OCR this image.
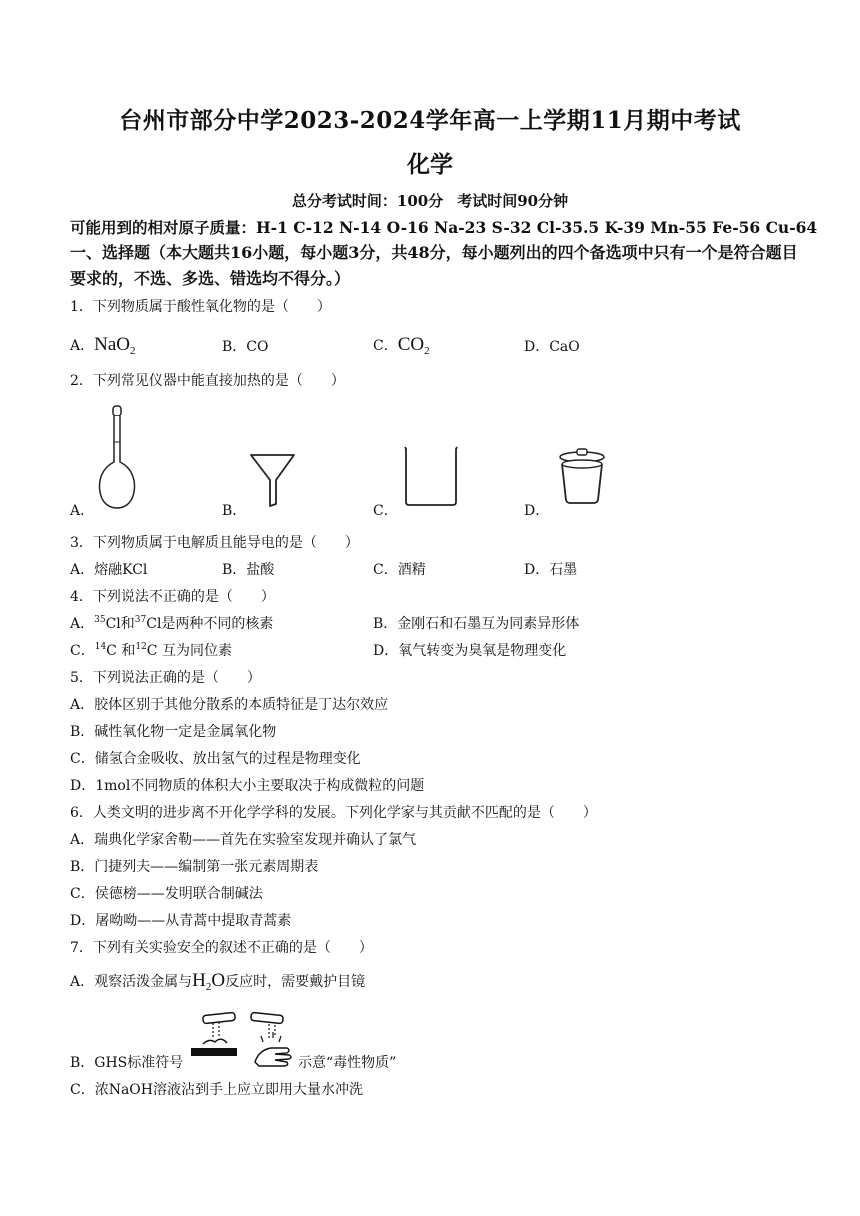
台州市部分中学2023-2024学年高一上学期11月期中考试
化学
总分考试时间：100分 考试时间90分钟
可能用到的相对原子质量：H-1 C-12 N-14 O-16 Na-23 S-32 Cl-35.5 K-39 Mn-55 Fe-56 Cu-64
一、选择题（本大题共16小题，每小题3分，共48分，每小题列出的四个备选项中只有一个是符合题目要求的，不选、多选、错选均不得分。）
1．下列物质属于酸性氧化物的是（　　）
A．NaO$_2$	B．CO	C．$CO_2$	D．CaO
2．下列常见仪器中能直接加热的是（　　）
A．	B．	C．	D．
3．下列物质属于电解质且能导电的是（　　）
A．熔融KCl	B．盐酸	C．酒精	D．石墨
4．下列说法不正确的是（　　）
A．$^{35}$Cl和$^{37}$Cl是两种不同的核素	B．金刚石和石墨互为同素异形体
C．$^{14}$C 和$^{12}$C 互为同位素	D．氧气转变为臭氧是物理变化
5．下列说法正确的是（　　）
A．胶体区别于其他分散系的本质特征是丁达尔效应
B．碱性氧化物一定是金属氧化物
C．储氢合金吸收、放出氢气的过程是物理变化
D．1mol不同物质的体积大小主要取决于构成微粒的问题
6．人类文明的进步离不开化学学科的发展。下列化学家与其贡献不匹配的是（　　）
A．瑞典化学家舍勒——首先在实验室发现并确认了氯气
B．门捷列夫——编制第一张元素周期表
C．侯德榜——发明联合制碱法
D．屠呦呦——从青蒿中提取青蒿素
7．下列有关实验安全的叙述不正确的是（　　）
A．观察活泼金属与$H_2O$反应时，需要戴护目镜
B．GHS标准符号	示意“毒性物质”
C．浓NaOH溶液沾到手上应立即用大量水冲洗
